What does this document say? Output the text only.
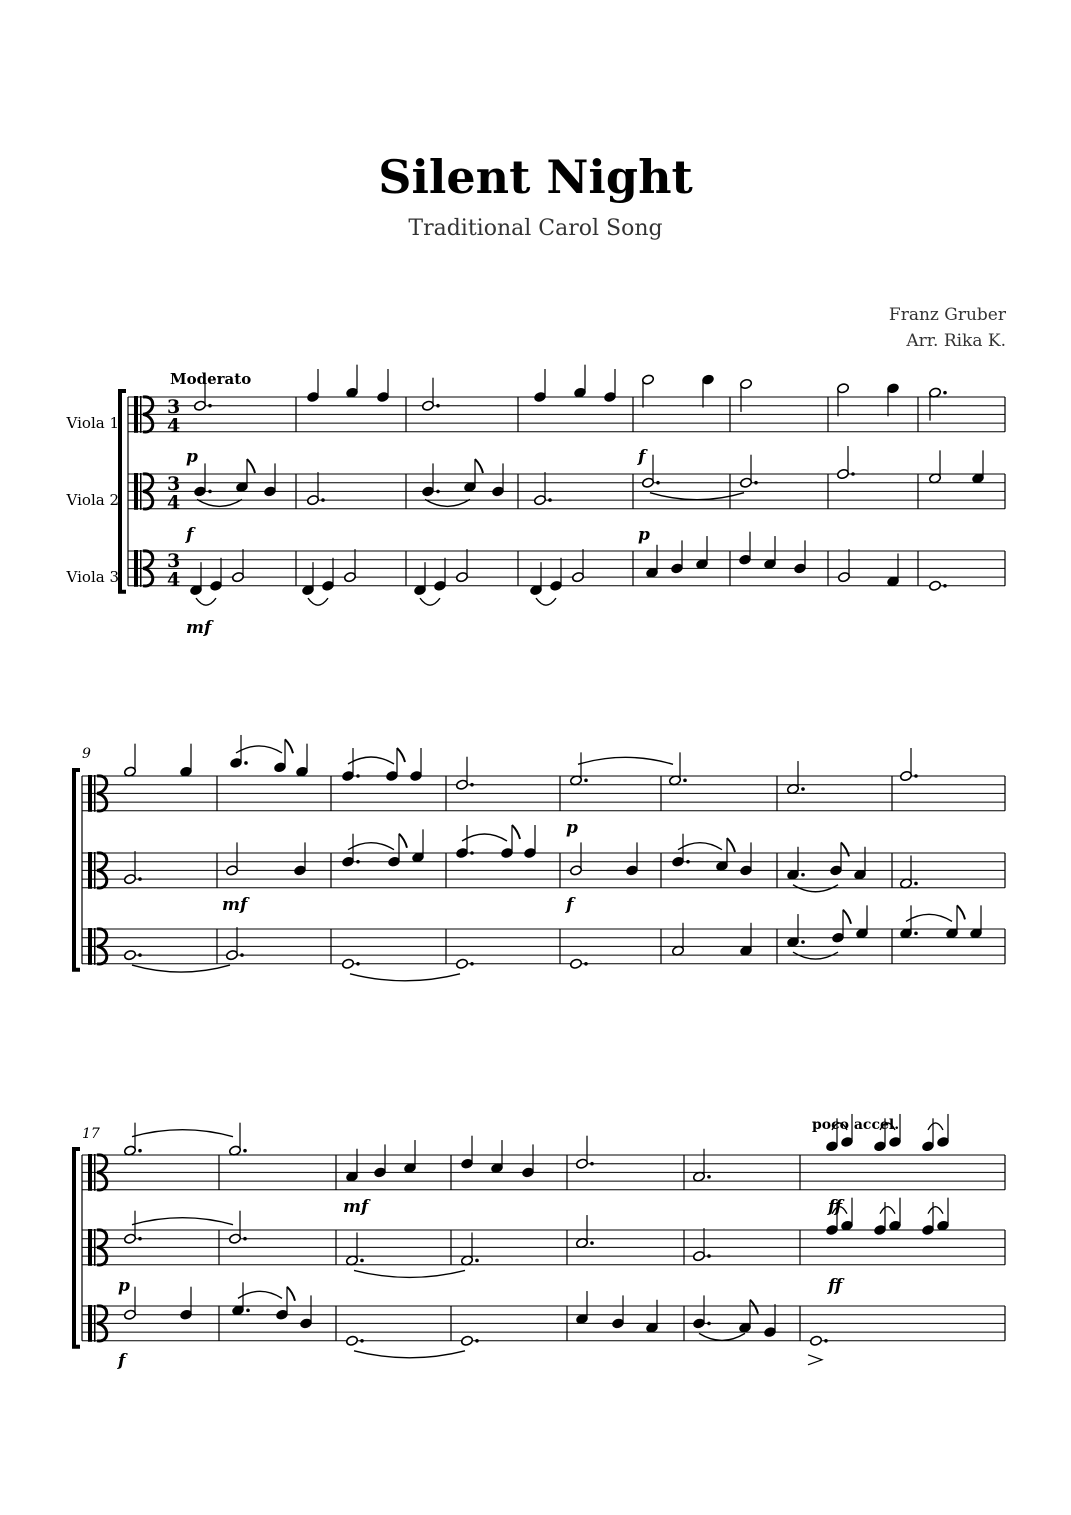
Silent Night
Traditional Carol Song
Franz Gruber
Arr. Rika K.
Moderato
Viola 1
Viola 2
Viola 3
3
4
3
4
3
4
9
17
poco accel.
p
f
mf
f
p
mf
p
f
p
f
mf	ff
ff
